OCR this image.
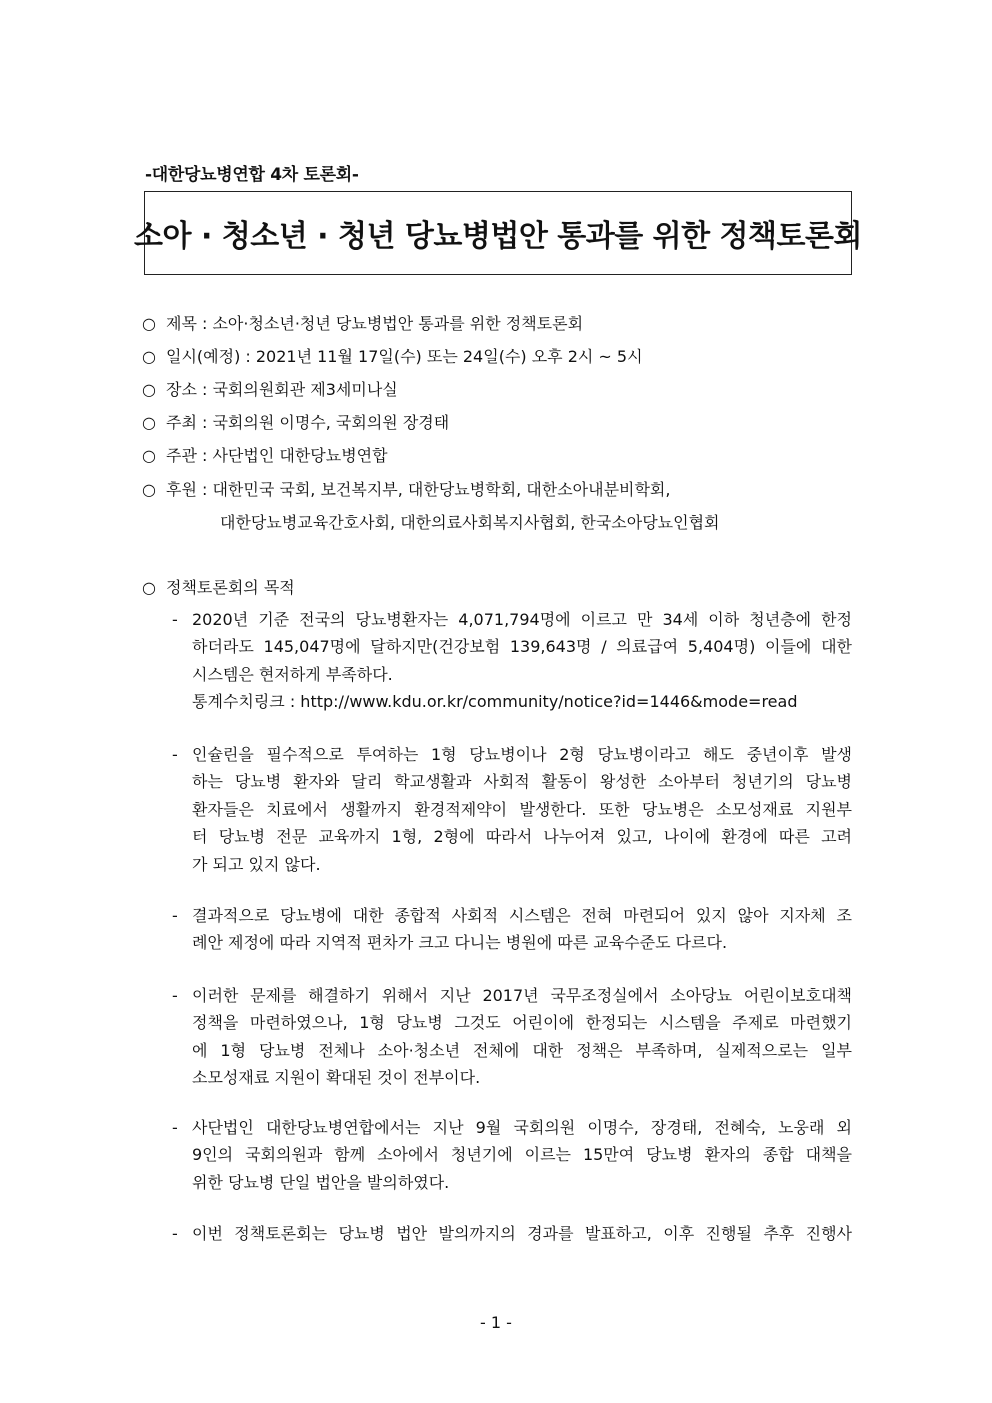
-대한당뇨병연합 4차 토론회-
소아 · 청소년 · 청년 당뇨병법안 통과를 위한 정책토론회
○ 제목 : 소아·청소년·청년 당뇨병법안 통과를 위한 정책토론회
○ 일시(예정) : 2021년 11월 17일(수) 또는 24일(수) 오후 2시 ~ 5시
○ 장소 : 국회의원회관 제3세미나실
○ 주최 : 국회의원 이명수, 국회의원 장경태
○ 주관 : 사단법인 대한당뇨병연합
○ 후원 : 대한민국 국회, 보건복지부, 대한당뇨병학회, 대한소아내분비학회,
대한당뇨병교육간호사회, 대한의료사회복지사협회, 한국소아당뇨인협회
○ 정책토론회의 목적
- 2020년 기준 전국의 당뇨병환자는 4,071,794명에 이르고 만 34세 이하 청년층에 한정
하더라도 145,047명에 달하지만(건강보험 139,643명 / 의료급여 5,404명) 이들에 대한
시스템은 현저하게 부족하다.
통계수치링크 : http://www.kdu.or.kr/community/notice?id=1446&mode=read
- 인슐린을 필수적으로 투여하는 1형 당뇨병이나 2형 당뇨병이라고 해도 중년이후 발생
하는 당뇨병 환자와 달리 학교생활과 사회적 활동이 왕성한 소아부터 청년기의 당뇨병
환자들은 치료에서 생활까지 환경적제약이 발생한다. 또한 당뇨병은 소모성재료 지원부
터 당뇨병 전문 교육까지 1형, 2형에 따라서 나누어져 있고, 나이에 환경에 따른 고려
가 되고 있지 않다.
- 결과적으로 당뇨병에 대한 종합적 사회적 시스템은 전혀 마련되어 있지 않아 지자체 조
례안 제정에 따라 지역적 편차가 크고 다니는 병원에 따른 교육수준도 다르다.
- 이러한 문제를 해결하기 위해서 지난 2017년 국무조정실에서 소아당뇨 어린이보호대책
정책을 마련하였으나, 1형 당뇨병 그것도 어린이에 한정되는 시스템을 주제로 마련했기
에 1형 당뇨병 전체나 소아·청소년 전체에 대한 정책은 부족하며, 실제적으로는 일부
소모성재료 지원이 확대된 것이 전부이다.
- 사단법인 대한당뇨병연합에서는 지난 9월 국회의원 이명수, 장경태, 전혜숙, 노웅래 외
9인의 국회의원과 함께 소아에서 청년기에 이르는 15만여 당뇨병 환자의 종합 대책을
위한 당뇨병 단일 법안을 발의하였다.
- 이번 정책토론회는 당뇨병 법안 발의까지의 경과를 발표하고, 이후 진행될 추후 진행사
- 1 -
